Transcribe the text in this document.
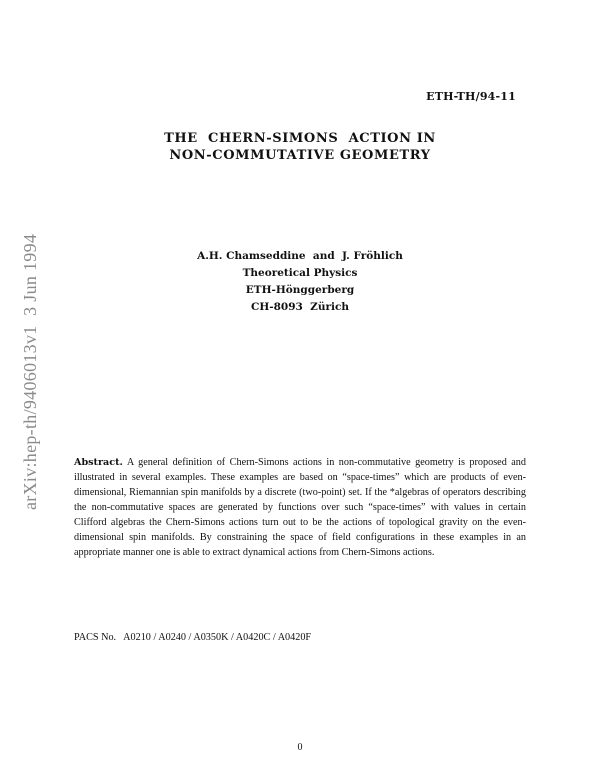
ETH-TH/94-11
THE  CHERN-SIMONS  ACTION IN
NON-COMMUTATIVE GEOMETRY
A.H. Chamseddine  and  J. Fröhlich
Theoretical Physics
ETH-Hönggerberg
CH-8093  Zürich
arXiv:hep-th/9406013v1  3 Jun 1994	Abstract. A general definition of Chern-Simons actions in non-commutative geometry is proposed and illustrated in several examples. These examples are based on “space-times” which are products of even-dimensional, Riemannian spin manifolds by a discrete (two-point) set. If the *algebras of operators describing the non-commutative spaces are generated by functions over such “space-times” with values in certain Clifford algebras the Chern-Simons actions turn out to be the actions of topological gravity on the even-dimensional spin manifolds. By constraining the space of field configurations in these examples in an appropriate manner one is able to extract dynamical actions from Chern-Simons actions.
PACS No.   A0210 / A0240 / A0350K / A0420C / A0420F
0
